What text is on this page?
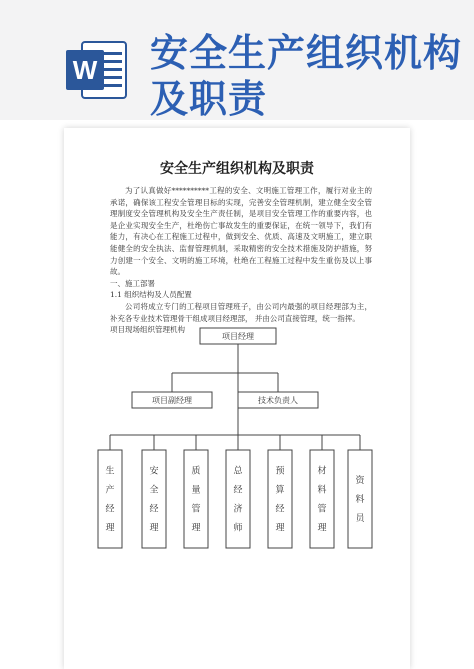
W 安全生产组织机构
及职责
安全生产组织机构及职责

为了认真做好**********工程的安全、文明施工管理工作，履行对业主的承诺，确保该工程安全管理目标的实现，完善安全管理机制，建立健全安全管理制度安全管理机构及安全生产责任制，是项目安全管理工作的重要内容，也是企业实现安全生产，杜绝伤亡事故发生的重要保证，在统一领导下，我们有能力，有决心在工程施工过程中，做到安全、优质、高速及文明施工，建立职能健全的安全执法、监督管理机制，采取精密的安全技术措施及防护措施，努力创建一个安全、文明的施工环境，杜绝在工程施工过程中发生重伤及以上事故。

一、施工部署

1.1 组织结构及人员配置

公司将成立专门的工程项目管理班子，由公司内最强的项目经理部为主，补充各专业技术管理骨干组成项目经理部， 并由公司直接管理，统一指挥。

项目现场组织管理机构

项目经理
项目副经理	技术负责人
生产经理
安全经理
质量管理
总经济师
预算经理
材料管理
资料员
